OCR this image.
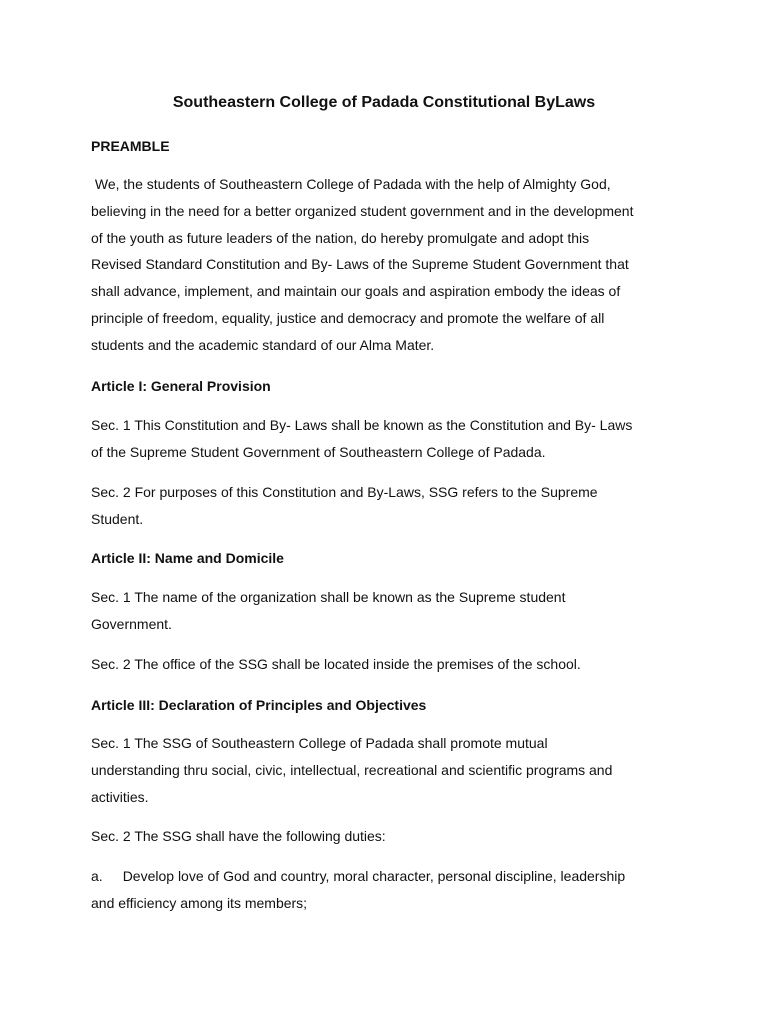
Southeastern College of Padada Constitutional ByLaws
PREAMBLE

We, the students of Southeastern College of Padada with the help of Almighty God,
believing in the need for a better organized student government and in the development
of the youth as future leaders of the nation, do hereby promulgate and adopt this
Revised Standard Constitution and By- Laws of the Supreme Student Government that
shall advance, implement, and maintain our goals and aspiration embody the ideas of
principle of freedom, equality, justice and democracy and promote the welfare of all
students and the academic standard of our Alma Mater.

Article I: General Provision

Sec. 1 This Constitution and By- Laws shall be known as the Constitution and By- Laws
of the Supreme Student Government of Southeastern College of Padada.

Sec. 2 For purposes of this Constitution and By-Laws, SSG refers to the Supreme
Student.

Article II: Name and Domicile

Sec. 1 The name of the organization shall be known as the Supreme student
Government.

Sec. 2 The office of the SSG shall be located inside the premises of the school.

Article III: Declaration of Principles and Objectives

Sec. 1 The SSG of Southeastern College of Padada shall promote mutual
understanding thru social, civic, intellectual, recreational and scientific programs and
activities.

Sec. 2 The SSG shall have the following duties:

a. Develop love of God and country, moral character, personal discipline, leadership
and efficiency among its members;
